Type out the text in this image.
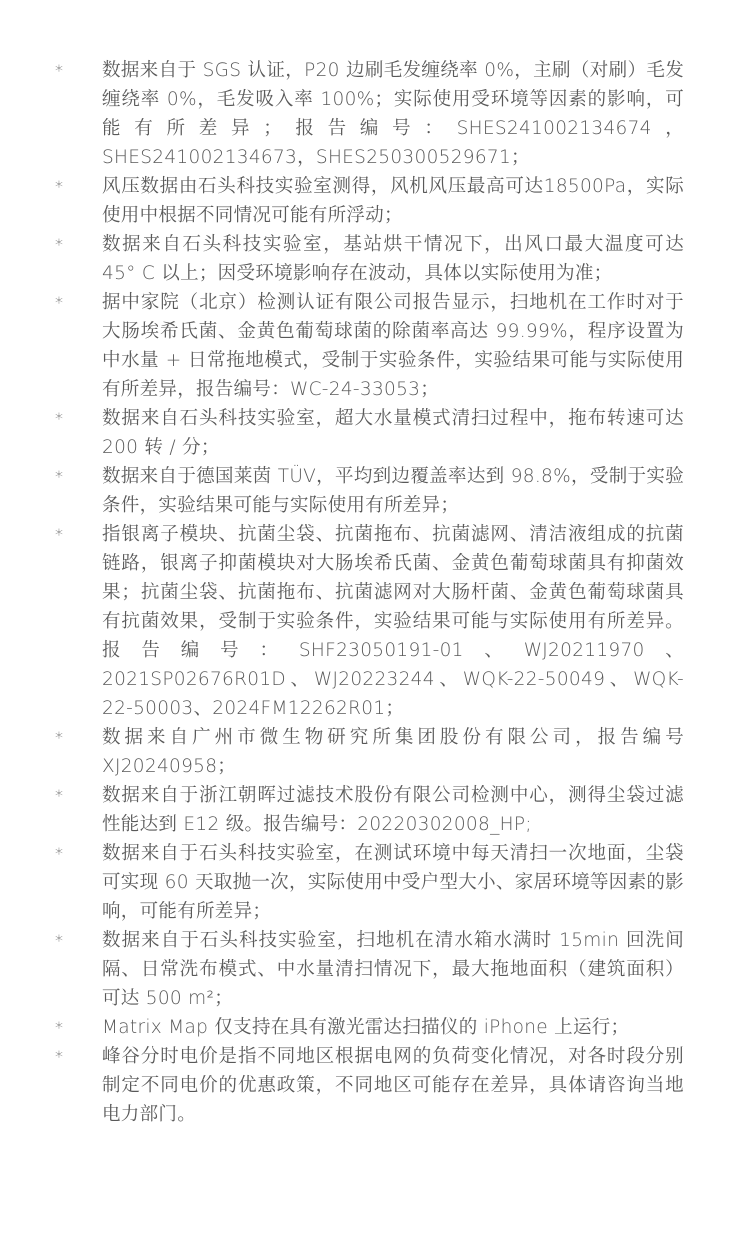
*	数据来自于 SGS 认证，P20 边刷毛发缠绕率 0%，主刷（对刷）毛发缠绕率 0%，毛发吸入率 100%；实际使用受环境等因素的影响，可能有所差异；报告编号：SHES241002134674，SHES241002134673，SHES250300529671；
*	风压数据由石头科技实验室测得，风机风压最高可达18500Pa，实际使用中根据不同情况可能有所浮动；
*	数据来自石头科技实验室，基站烘干情况下，出风口最大温度可达 45° C 以上；因受环境影响存在波动，具体以实际使用为准；
*	据中家院（北京）检测认证有限公司报告显示，扫地机在工作时对于大肠埃希氏菌、金黄色葡萄球菌的除菌率高达 99.99%，程序设置为中水量 + 日常拖地模式，受制于实验条件，实验结果可能与实际使用有所差异，报告编号：WC-24-33053；
*	数据来自石头科技实验室，超大水量模式清扫过程中，拖布转速可达 200 转 / 分；
*	数据来自于德国莱茵 TÜV，平均到边覆盖率达到 98.8%，受制于实验条件，实验结果可能与实际使用有所差异；
*	指银离子模块、抗菌尘袋、抗菌拖布、抗菌滤网、清洁液组成的抗菌链路，银离子抑菌模块对大肠埃希氏菌、金黄色葡萄球菌具有抑菌效果；抗菌尘袋、抗菌拖布、抗菌滤网对大肠杆菌、金黄色葡萄球菌具有抗菌效果，受制于实验条件，实验结果可能与实际使用有所差异。报告编号：SHF23050191-01、WJ20211970、2021SP02676R01D、WJ20223244、WQK-22-50049、WQK-22-50003、2024FM12262R01；
*	数据来自广州市微生物研究所集团股份有限公司，报告编号XJ20240958；
*	数据来自于浙江朝晖过滤技术股份有限公司检测中心，测得尘袋过滤性能达到 E12 级。报告编号：20220302008_HP;
*	数据来自于石头科技实验室，在测试环境中每天清扫一次地面，尘袋可实现 60 天取抛一次，实际使用中受户型大小、家居环境等因素的影响，可能有所差异；
*	数据来自于石头科技实验室，扫地机在清水箱水满时 15min 回洗间隔、日常洗布模式、中水量清扫情况下，最大拖地面积（建筑面积）可达 500 m²；
*	Matrix Map 仅支持在具有激光雷达扫描仪的 iPhone 上运行；
*	峰谷分时电价是指不同地区根据电网的负荷变化情况，对各时段分别制定不同电价的优惠政策，不同地区可能存在差异，具体请咨询当地电力部门。
